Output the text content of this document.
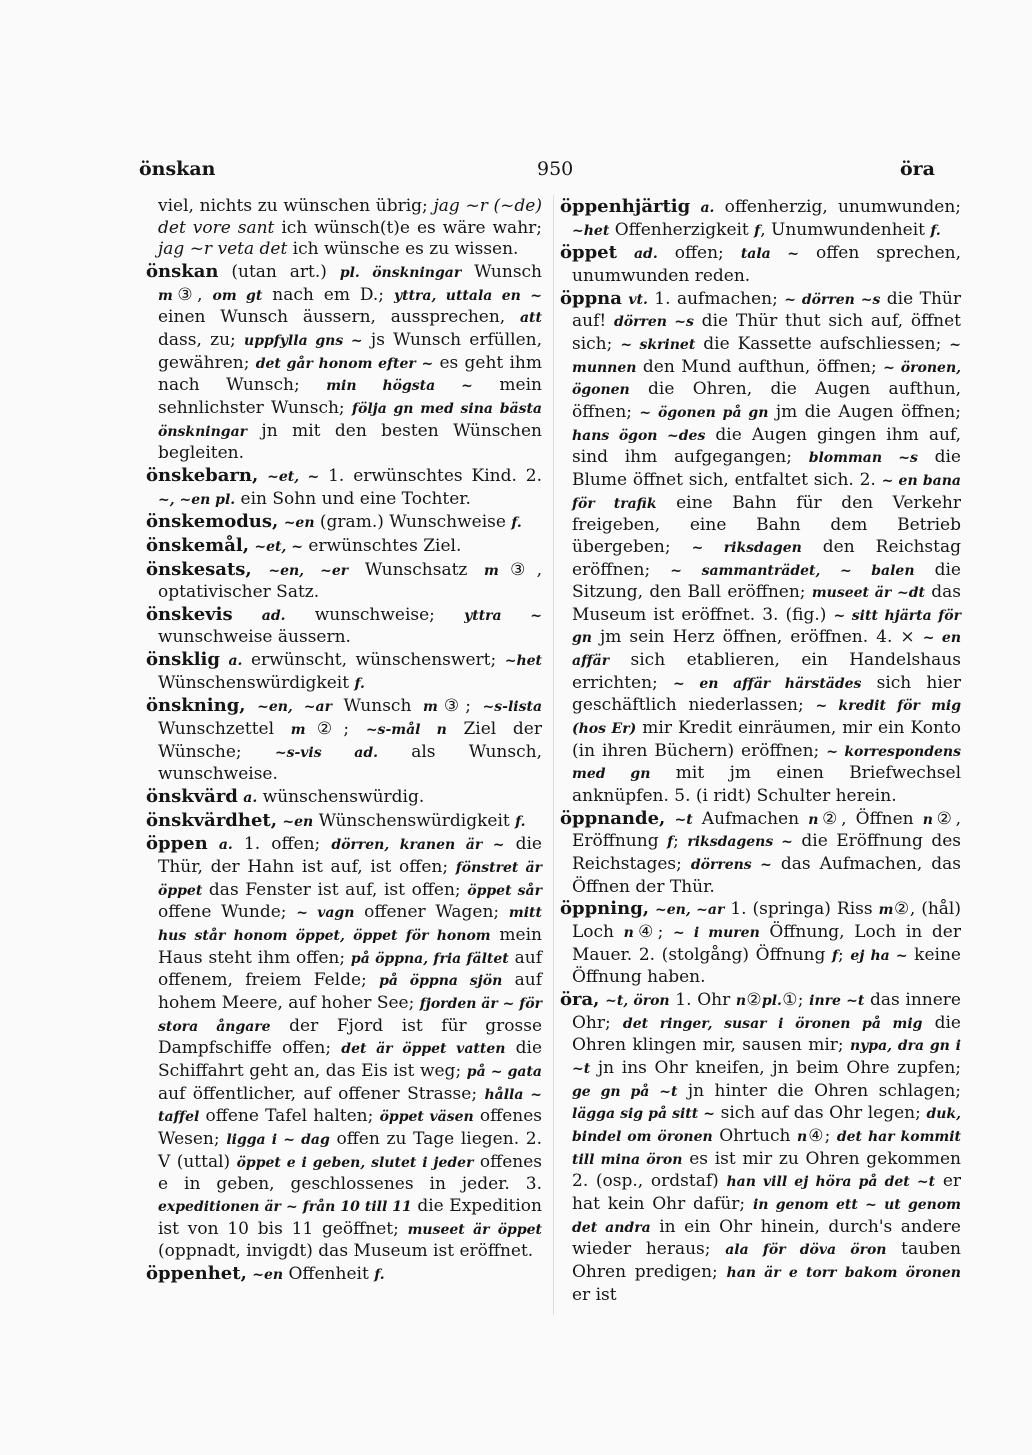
önskan	950	öra

viel, nichts zu wünschen übrig; jag ~r (~de) det vore sant ich wünsch(t)e es wäre wahr; jag ~r veta det ich wünsche es zu wissen.

önskan (utan art.) pl. önskningar Wunsch m③, om gt nach em D.; yttra, uttala en ~ einen Wunsch äussern, aussprechen, att dass, zu; uppfylla gns ~ js Wunsch erfüllen, gewähren; det går honom efter ~ es geht ihm nach Wunsch; min högsta ~ mein sehnlichster Wunsch; följa gn med sina bästa önskningar jn mit den besten Wünschen begleiten.

önskebarn, ~et, ~ 1. erwünschtes Kind. 2. ~, ~en pl. ein Sohn und eine Tochter.

önskemodus, ~en (gram.) Wunschweise f.

önskemål, ~et, ~ erwünschtes Ziel.

önskesats, ~en, ~er Wunschsatz m③, optativischer Satz.

önskevis ad. wunschweise; yttra ~ wunschweise äussern.

önsklig a. erwünscht, wünschenswert; ~het Wünschenswürdigkeit f.

önskning, ~en, ~ar Wunsch m③; ~s-lista Wunschzettel m②; ~s-mål n Ziel der Wünsche; ~s-vis ad. als Wunsch, wunschweise.

önskvärd a. wünschenswürdig.

önskvärdhet, ~en Wünschenswürdigkeit f.

öppen a. 1. offen; dörren, kranen är ~ die Thür, der Hahn ist auf, ist offen; fönstret är öppet das Fenster ist auf, ist offen; öppet sår offene Wunde; ~ vagn offener Wagen; mitt hus står honom öppet, öppet för honom mein Haus steht ihm offen; på öppna, fria fältet auf offenem, freiem Felde; på öppna sjön auf hohem Meere, auf hoher See; fjorden är ~ för stora ångare der Fjord ist für grosse Dampfschiffe offen; det är öppet vatten die Schiffahrt geht an, das Eis ist weg; på ~ gata auf öffentlicher, auf offener Strasse; hålla ~ taffel offene Tafel halten; öppet väsen offenes Wesen; ligga i ~ dag offen zu Tage liegen. 2. V (uttal) öppet e i geben, slutet i jeder offenes e in geben, geschlossenes in jeder. 3. expeditionen är ~ från 10 till 11 die Expedition ist von 10 bis 11 geöffnet; museet är öppet (oppnadt, invigdt) das Museum ist eröffnet.

öppenhet, ~en Offenheit f.

öppenhjärtig a. offenherzig, unumwunden; ~het Offenherzigkeit f, Unumwundenheit f.

öppet ad. offen; tala ~ offen sprechen, unumwunden reden.

öppna vt. 1. aufmachen; ~ dörren ~s die Thür auf! dörren ~s die Thür thut sich auf, öffnet sich; ~ skrinet die Kassette aufschliessen; ~ munnen den Mund aufthun, öffnen; ~ öronen, ögonen die Ohren, die Augen aufthun, öffnen; ~ ögonen på gn jm die Augen öffnen; hans ögon ~des die Augen gingen ihm auf, sind ihm aufgegangen; blomman ~s die Blume öffnet sich, entfaltet sich. 2. ~ en bana för trafik eine Bahn für den Verkehr freigeben, eine Bahn dem Betrieb übergeben; ~ riksdagen den Reichstag eröffnen; ~ sammanträdet, ~ balen die Sitzung, den Ball eröffnen; museet är ~dt das Museum ist eröffnet. 3. (fig.) ~ sitt hjärta för gn jm sein Herz öffnen, eröffnen. 4. × ~ en affär sich etablieren, ein Handelshaus errichten; ~ en affär härstädes sich hier geschäftlich niederlassen; ~ kredit för mig (hos Er) mir Kredit einräumen, mir ein Konto (in ihren Büchern) eröffnen; ~ korrespondens med gn mit jm einen Briefwechsel anknüpfen. 5. (i ridt) Schulter herein.

öppnande, ~t Aufmachen n②, Öffnen n②, Eröffnung f; riksdagens ~ die Eröffnung des Reichstages; dörrens ~ das Aufmachen, das Öffnen der Thür.

öppning, ~en, ~ar 1. (springa) Riss m②, (hål) Loch n④; ~ i muren Öffnung, Loch in der Mauer. 2. (stolgång) Öffnung f; ej ha ~ keine Öffnung haben.

öra, ~t, öron 1. Ohr n②pl.①; inre ~t das innere Ohr; det ringer, susar i öronen på mig die Ohren klingen mir, sausen mir; nypa, dra gn i ~t jn ins Ohr kneifen, jn beim Ohre zupfen; ge gn på ~t jn hinter die Ohren schlagen; lägga sig på sitt ~ sich auf das Ohr legen; duk, bindel om öronen Ohrtuch n④; det har kommit till mina öron es ist mir zu Ohren gekommen 2. (osp., ordstaf) han vill ej höra på det ~t er hat kein Ohr dafür; in genom ett ~ ut genom det andra in ein Ohr hinein, durch's andere wieder heraus; ala för döva öron tauben Ohren predigen; han är e torr bakom öronen er ist
